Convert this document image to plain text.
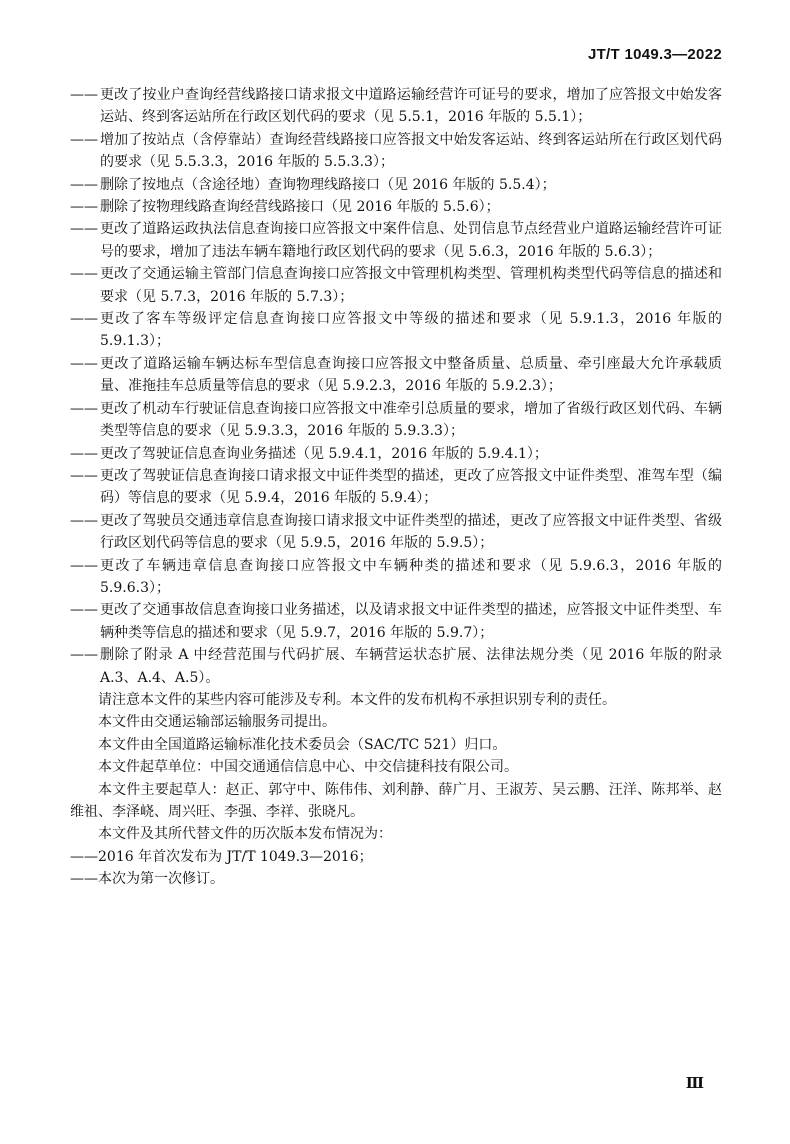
JT/T 1049.3—2022
—— 更改了按业户查询经营线路接口请求报文中道路运输经营许可证号的要求，增加了应答报文中始发客运站、终到客运站所在行政区划代码的要求（见 5.5.1，2016 年版的 5.5.1）；
—— 增加了按站点（含停靠站）查询经营线路接口应答报文中始发客运站、终到客运站所在行政区划代码的要求（见 5.5.3.3，2016 年版的 5.5.3.3）；
—— 删除了按地点（含途径地）查询物理线路接口（见 2016 年版的 5.5.4）；
—— 删除了按物理线路查询经营线路接口（见 2016 年版的 5.5.6）；
—— 更改了道路运政执法信息查询接口应答报文中案件信息、处罚信息节点经营业户道路运输经营许可证号的要求，增加了违法车辆车籍地行政区划代码的要求（见 5.6.3，2016 年版的 5.6.3）；
—— 更改了交通运输主管部门信息查询接口应答报文中管理机构类型、管理机构类型代码等信息的描述和要求（见 5.7.3，2016 年版的 5.7.3）；
—— 更改了客车等级评定信息查询接口应答报文中等级的描述和要求（见 5.9.1.3，2016 年版的 5.9.1.3）；
—— 更改了道路运输车辆达标车型信息查询接口应答报文中整备质量、总质量、牵引座最大允许承载质量、准拖挂车总质量等信息的要求（见 5.9.2.3，2016 年版的 5.9.2.3）；
—— 更改了机动车行驶证信息查询接口应答报文中准牵引总质量的要求，增加了省级行政区划代码、车辆类型等信息的要求（见 5.9.3.3，2016 年版的 5.9.3.3）；
—— 更改了驾驶证信息查询业务描述（见 5.9.4.1，2016 年版的 5.9.4.1）；
—— 更改了驾驶证信息查询接口请求报文中证件类型的描述，更改了应答报文中证件类型、准驾车型（编码）等信息的要求（见 5.9.4，2016 年版的 5.9.4）；
—— 更改了驾驶员交通违章信息查询接口请求报文中证件类型的描述，更改了应答报文中证件类型、省级行政区划代码等信息的要求（见 5.9.5，2016 年版的 5.9.5）；
—— 更改了车辆违章信息查询接口应答报文中车辆种类的描述和要求（见 5.9.6.3，2016 年版的 5.9.6.3）；
—— 更改了交通事故信息查询接口业务描述，以及请求报文中证件类型的描述，应答报文中证件类型、车辆种类等信息的描述和要求（见 5.9.7，2016 年版的 5.9.7）；
—— 删除了附录 A 中经营范围与代码扩展、车辆营运状态扩展、法律法规分类（见 2016 年版的附录 A.3、A.4、A.5）。

请注意本文件的某些内容可能涉及专利。本文件的发布机构不承担识别专利的责任。

本文件由交通运输部运输服务司提出。

本文件由全国道路运输标准化技术委员会（SAC/TC 521）归口。

本文件起草单位：中国交通通信信息中心、中交信捷科技有限公司。

本文件主要起草人：赵正、郭守中、陈伟伟、刘利静、薛广月、王淑芳、吴云鹏、汪洋、陈邦举、赵维祖、李泽峣、周兴旺、李强、李祥、张晓凡。

本文件及其所代替文件的历次版本发布情况为：

——2016 年首次发布为 JT/T 1049.3—2016；

——本次为第一次修订。

Ⅲ
